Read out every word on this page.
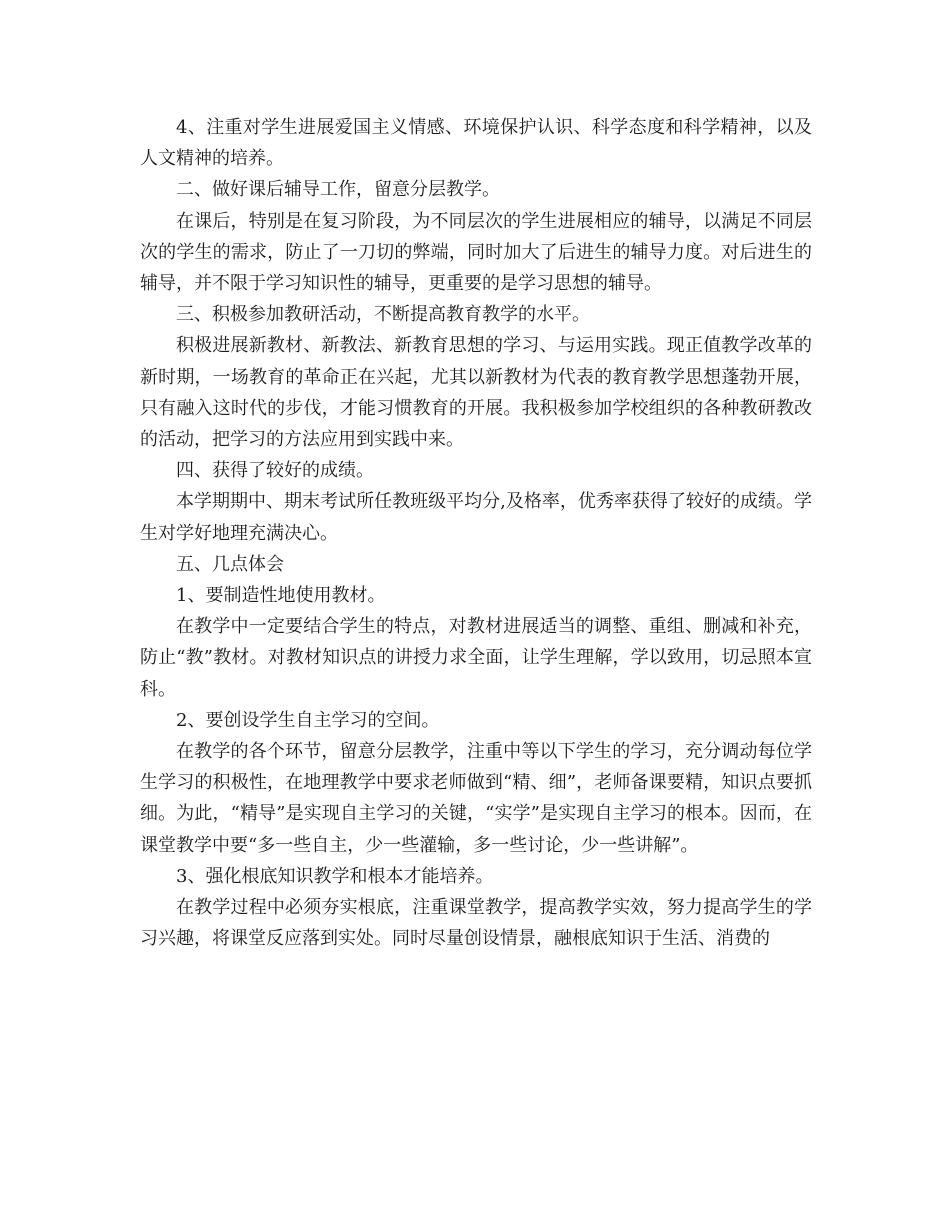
4、注重对学生进展爱国主义情感、环境保护认识、科学态度和科学精神，以及人文精神的培养。

二、做好课后辅导工作，留意分层教学。

在课后，特别是在复习阶段，为不同层次的学生进展相应的辅导，以满足不同层次的学生的需求，防止了一刀切的弊端，同时加大了后进生的辅导力度。对后进生的辅导，并不限于学习知识性的辅导，更重要的是学习思想的辅导。

三、积极参加教研活动，不断提高教育教学的水平。

积极进展新教材、新教法、新教育思想的学习、与运用实践。现正值教学改革的新时期，一场教育的革命正在兴起，尤其以新教材为代表的教育教学思想蓬勃开展，只有融入这时代的步伐，才能习惯教育的开展。我积极参加学校组织的各种教研教改的活动，把学习的方法应用到实践中来。

四、获得了较好的成绩。

本学期期中、期末考试所任教班级平均分,及格率，优秀率获得了较好的成绩。学生对学好地理充满决心。

五、几点体会

1、要制造性地使用教材。

在教学中一定要结合学生的特点，对教材进展适当的调整、重组、删减和补充，防止“教”教材。对教材知识点的讲授力求全面，让学生理解，学以致用，切忌照本宣科。

2、要创设学生自主学习的空间。

在教学的各个环节，留意分层教学，注重中等以下学生的学习，充分调动每位学生学习的积极性，在地理教学中要求老师做到“精、细”，老师备课要精，知识点要抓细。为此，“精导”是实现自主学习的关键，“实学”是实现自主学习的根本。因而，在课堂教学中要“多一些自主，少一些灌输，多一些讨论，少一些讲解”。

3、强化根底知识教学和根本才能培养。

在教学过程中必须夯实根底，注重课堂教学，提高教学实效，努力提高学生的学习兴趣，将课堂反应落到实处。同时尽量创设情景，融根底知识于生活、消费的
